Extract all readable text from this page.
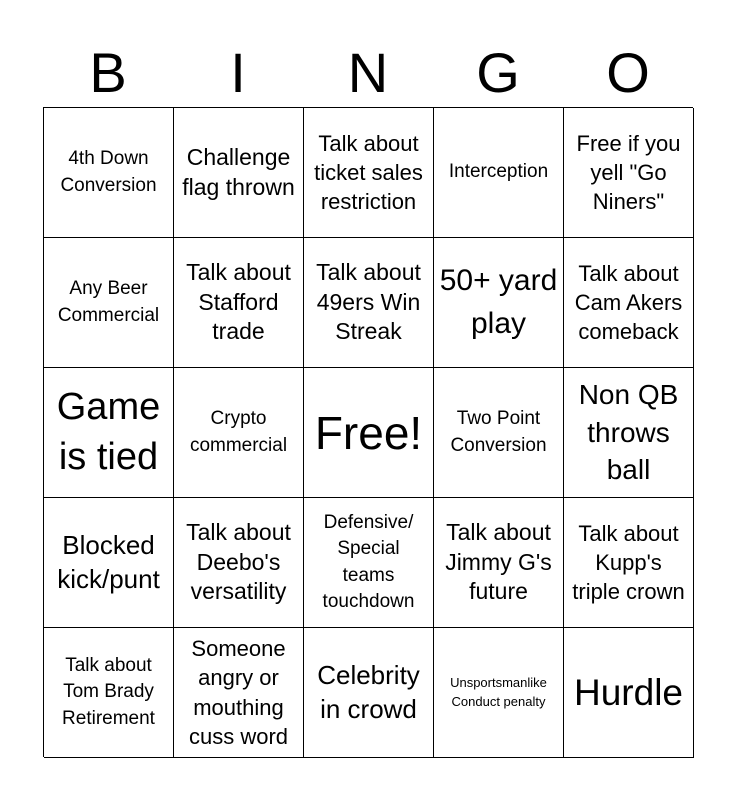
B	I	N	G	O
4th Down Conversion
Challenge flag thrown
Talk about ticket sales restriction
Interception
Free if you yell "Go Niners"
Any Beer Commercial
Talk about Stafford trade
Talk about 49ers Win Streak
50+ yard play
Talk about Cam Akers comeback
Game is tied
Crypto commercial Free!	Two Point Conversion
Non QB throws ball
Blocked kick/punt
Talk about Deebo's versatility
Defensive/ Special teams touchdown
Talk about Jimmy G's future
Talk about Kupp's triple crown
Talk about Tom Brady Retirement
Someone angry or mouthing cuss word
Celebrity in crowd
Unsportsmanlike Conduct penalty Hurdle
